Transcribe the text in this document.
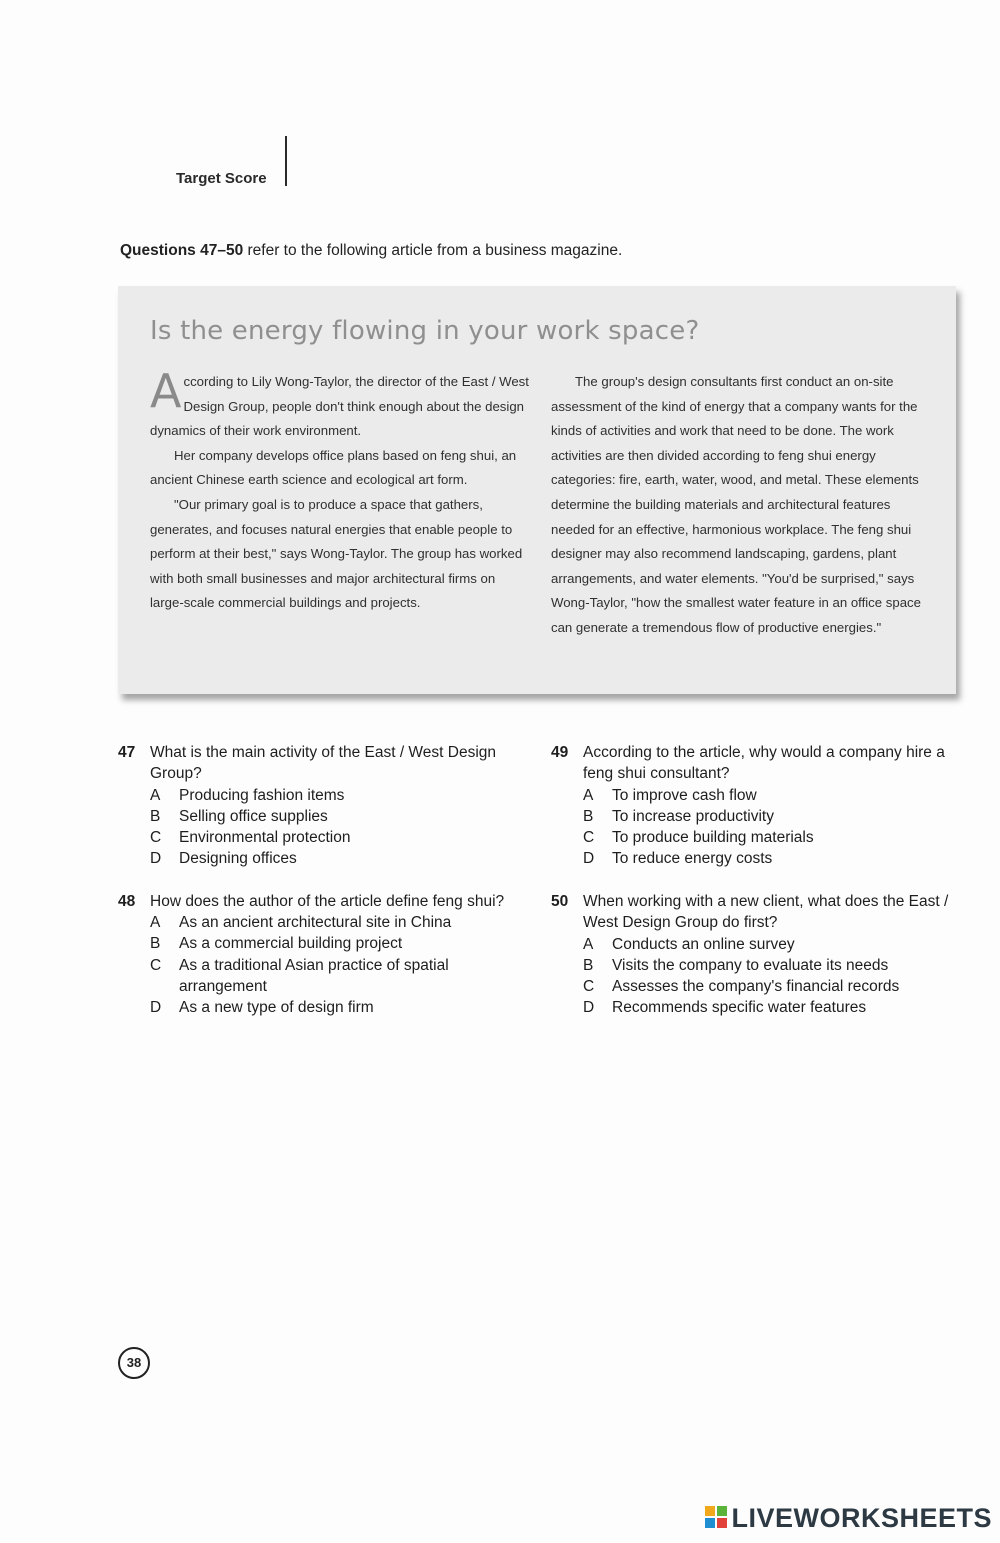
Target Score
Questions 47–50 refer to the following article from a business magazine.
Is the energy flowing in your work space?

According to Lily Wong-Taylor, the director of the East / West Design Group, people don't think enough about the design dynamics of their work environment.

Her company develops office plans based on feng shui, an ancient Chinese earth science and ecological art form.

"Our primary goal is to produce a space that gathers, generates, and focuses natural energies that enable people to perform at their best," says Wong-Taylor. The group has worked with both small businesses and major architectural firms on large-scale commercial buildings and projects.

The group's design consultants first conduct an on-site assessment of the kind of energy that a company wants for the kinds of activities and work that need to be done. The work activities are then divided according to feng shui energy categories: fire, earth, water, wood, and metal. These elements determine the building materials and architectural features needed for an effective, harmonious workplace. The feng shui designer may also recommend landscaping, gardens, plant arrangements, and water elements. "You'd be surprised," says Wong-Taylor, "how the smallest water feature in an office space can generate a tremendous flow of productive energies."

47 What is the main activity of the East / West Design Group?
A	Producing fashion items
B	Selling office supplies
C	Environmental protection
D	Designing offices
48 How does the author of the article define feng shui?
A	As an ancient architectural site in China
B	As a commercial building project
C	As a traditional Asian practice of spatial arrangement
D	As a new type of design firm
49 According to the article, why would a company hire a feng shui consultant?
A	To improve cash flow
B	To increase productivity
C	To produce building materials
D	To reduce energy costs
50 When working with a new client, what does the East / West Design Group do first?
A	Conducts an online survey
B	Visits the company to evaluate its needs
C	Assesses the company's financial records
D	Recommends specific water features
38
LIVEWORKSHEETS
